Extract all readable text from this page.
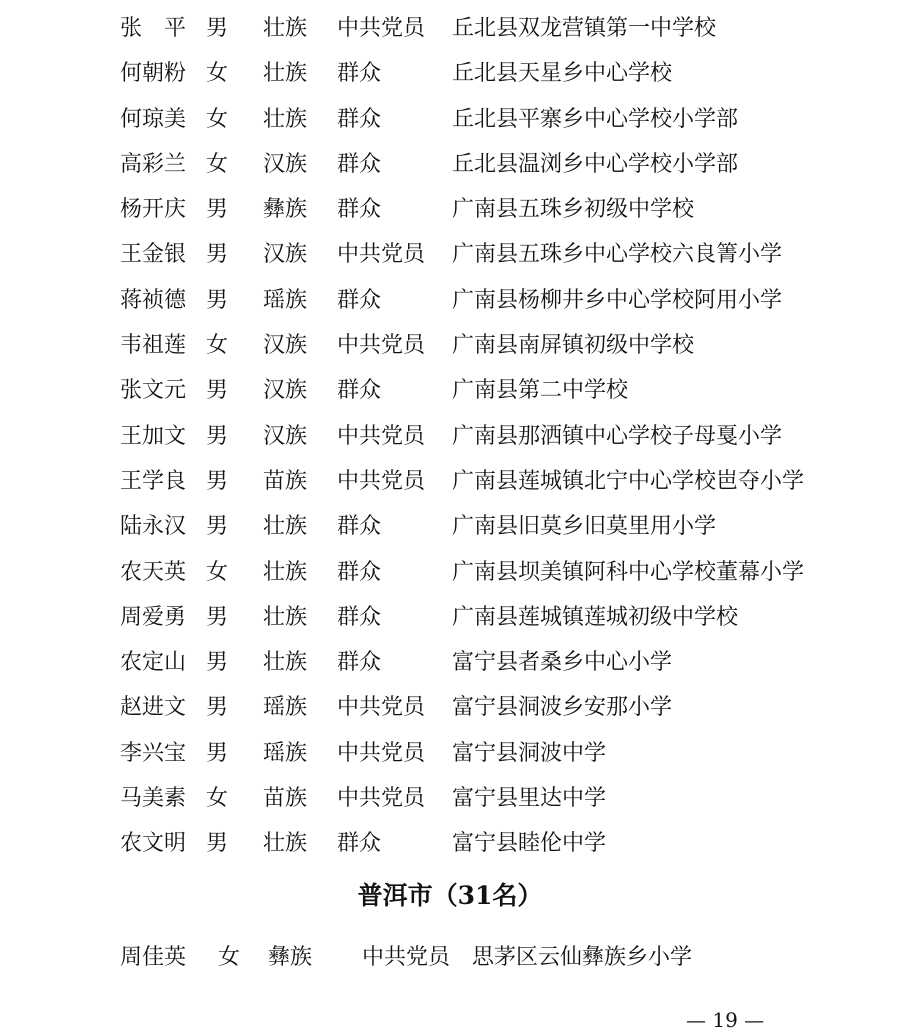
张　平 男 壮族 中共党员 丘北县双龙营镇第一中学校
何朝粉 女 壮族 群众	丘北县天星乡中心学校
何琼美 女 壮族 群众	丘北县平寨乡中心学校小学部
高彩兰 女 汉族 群众	丘北县温浏乡中心学校小学部
杨开庆 男 彝族 群众	广南县五珠乡初级中学校
王金银 男 汉族 中共党员 广南县五珠乡中心学校六良箐小学
蒋祯德 男 瑶族 群众	广南县杨柳井乡中心学校阿用小学
韦祖莲 女 汉族 中共党员 广南县南屏镇初级中学校
张文元 男 汉族 群众	广南县第二中学校
王加文 男 汉族 中共党员 广南县那洒镇中心学校子母戛小学
王学良 男 苗族 中共党员 广南县莲城镇北宁中心学校岜夺小学
陆永汉 男 壮族 群众	广南县旧莫乡旧莫里用小学
农天英 女 壮族 群众	广南县坝美镇阿科中心学校董幕小学
周爱勇 男 壮族 群众	广南县莲城镇莲城初级中学校
农定山 男 壮族 群众	富宁县者桑乡中心小学
赵进文 男 瑶族 中共党员 富宁县洞波乡安那小学
李兴宝 男 瑶族 中共党员 富宁县洞波中学
马美素 女 苗族 中共党员 富宁县里达中学
农文明 男 壮族 群众	富宁县睦伦中学
普洱市（31名）
周佳英 女 彝族 中共党员 思茅区云仙彝族乡小学
— 19 —
